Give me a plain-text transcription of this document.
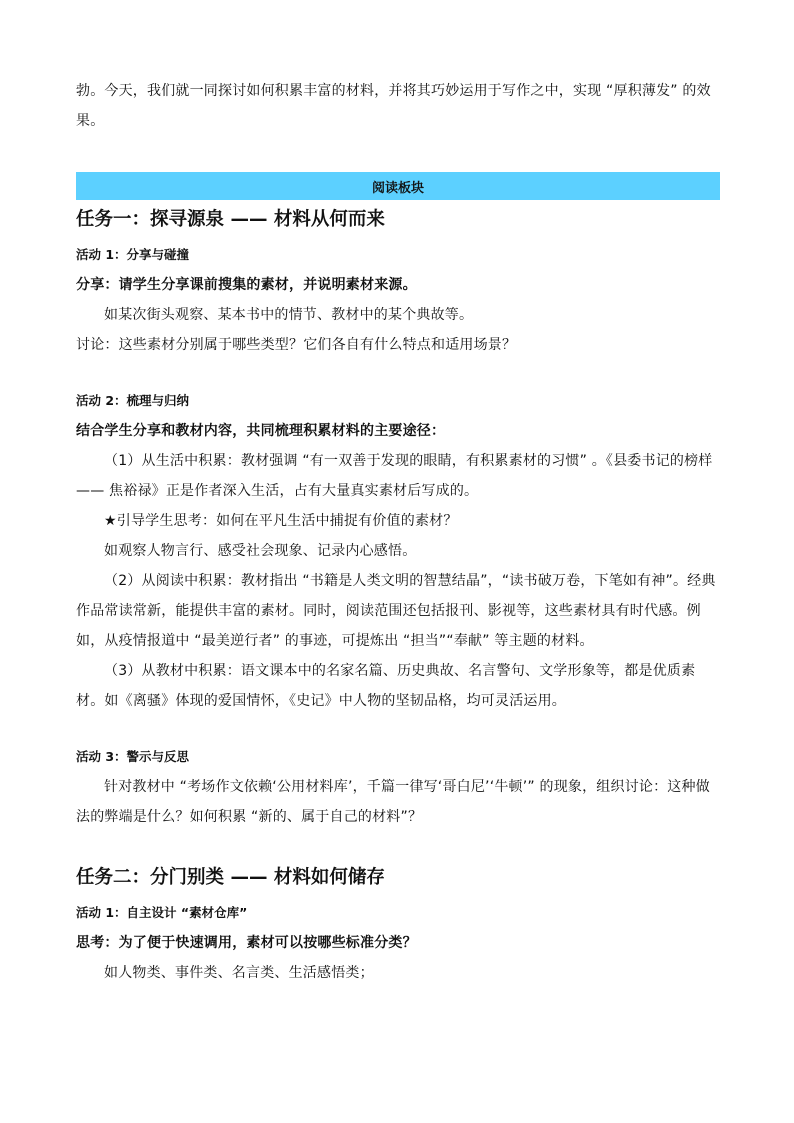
勃。今天，我们就一同探讨如何积累丰富的材料，并将其巧妙运用于写作之中，实现 “厚积薄发” 的效

果。

阅读板块

任务一：探寻源泉 —— 材料从何而来

活动 1：分享与碰撞

分享：请学生分享课前搜集的素材，并说明素材来源。

如某次街头观察、某本书中的情节、教材中的某个典故等。

讨论：这些素材分别属于哪些类型？它们各自有什么特点和适用场景？

活动 2：梳理与归纳

结合学生分享和教材内容，共同梳理积累材料的主要途径：

（1）从生活中积累：教材强调 “有一双善于发现的眼睛，有积累素材的习惯” 。《县委书记的榜样 —— 焦裕禄》正是作者深入生活，占有大量真实素材后写成的。

★引导学生思考：如何在平凡生活中捕捉有价值的素材？

如观察人物言行、感受社会现象、记录内心感悟。

（2）从阅读中积累：教材指出 “书籍是人类文明的智慧结晶”，“读书破万卷，下笔如有神”。经典作品常读常新，能提供丰富的素材。同时，阅读范围还包括报刊、影视等，这些素材具有时代感。例如，从疫情报道中 “最美逆行者” 的事迹，可提炼出 “担当”“奉献” 等主题的材料。

（3）从教材中积累：语文课本中的名家名篇、历史典故、名言警句、文学形象等，都是优质素材。如《离骚》体现的爱国情怀，《史记》中人物的坚韧品格，均可灵活运用。

活动 3：警示与反思

针对教材中 “考场作文依赖‘公用材料库’，千篇一律写‘哥白尼’‘牛顿’” 的现象，组织讨论：这种做法的弊端是什么？如何积累 “新的、属于自己的材料”？

任务二：分门别类 —— 材料如何储存

活动 1：自主设计 “素材仓库”

思考：为了便于快速调用，素材可以按哪些标准分类？

如人物类、事件类、名言类、生活感悟类；
